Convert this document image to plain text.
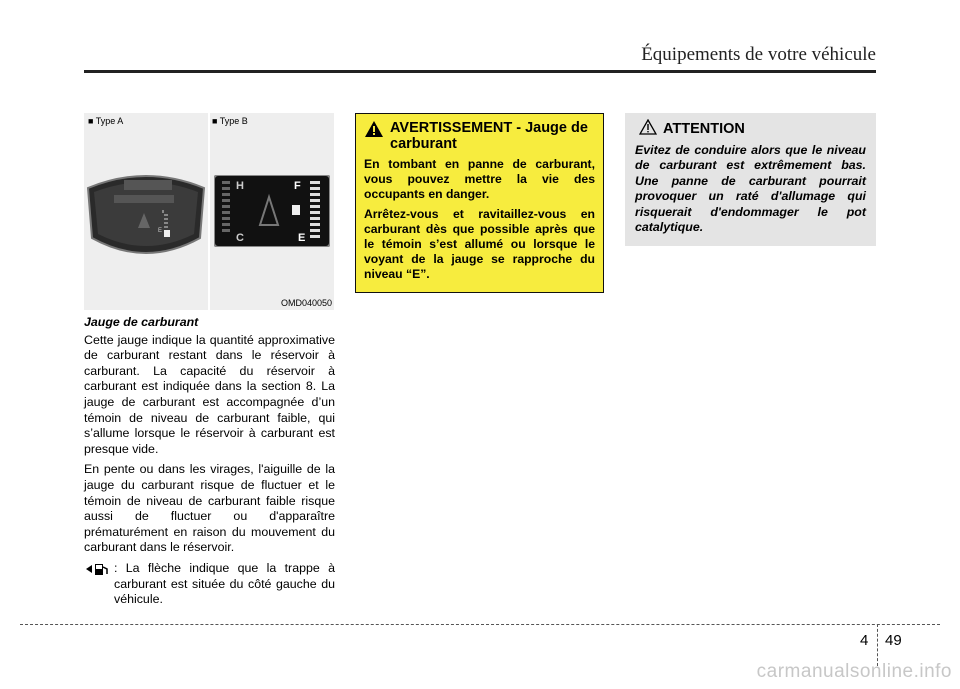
Équipements de votre véhicule
■ Type A	■ Type B
E
H
C
F
E
OMD040050
Jauge de carburant
Cette jauge indique la quantité approximative de carburant restant dans le réservoir à carburant. La capacité du réservoir à carburant est indiquée dans la section 8. La jauge de carburant est accompagnée d’un témoin de niveau de carburant faible, qui s’allume lorsque le réservoir à carburant est presque vide.
En pente ou dans les virages, l'aiguille de la jauge du carburant risque de fluctuer et le témoin de niveau de carburant faible risque aussi de fluctuer ou d'apparaître prématurément en raison du mouvement du carburant dans le réservoir.
: La flèche indique que la trappe à carburant est située du côté gauche du véhicule.
AVERTISSEMENT - Jauge de carburant
En tombant en panne de carburant, vous pouvez mettre la vie des occupants en danger.
Arrêtez-vous et ravitaillez-vous en carburant dès que possible après que le témoin s’est allumé ou lorsque le voyant de la jauge se rapproche du niveau “E”.
ATTENTION
Evitez de conduire alors que le niveau de carburant est extrêmement bas. Une panne de carburant pourrait provoquer un raté d'allumage qui risquerait d'endommager le pot catalytique.
4 49
carmanualsonline.info
